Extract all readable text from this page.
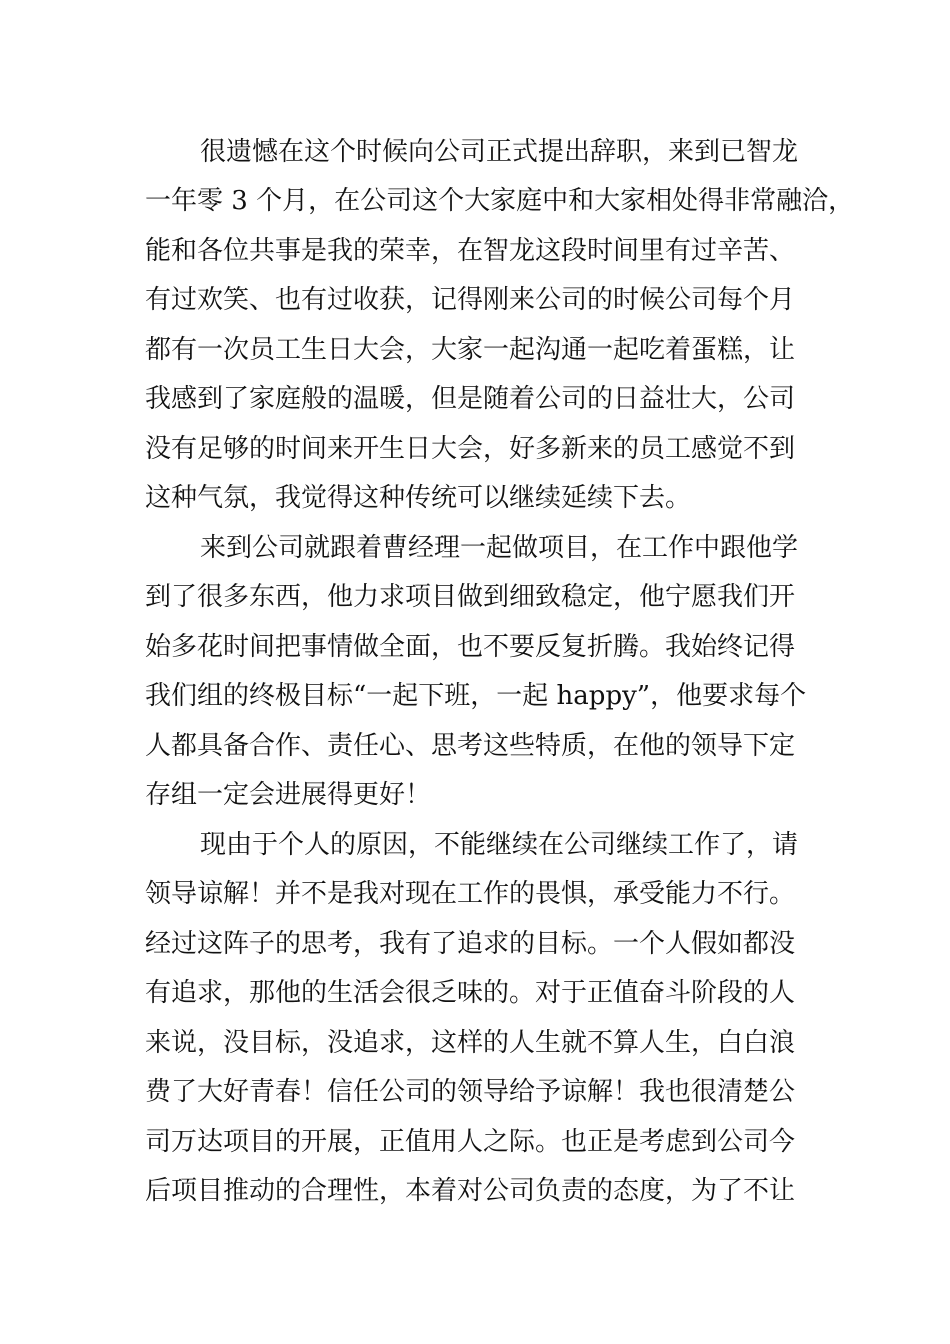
很遗憾在这个时候向公司正式提出辞职，来到已智龙
一年零 3 个月，在公司这个大家庭中和大家相处得非常融洽，
能和各位共事是我的荣幸，在智龙这段时间里有过辛苦、
有过欢笑、也有过收获，记得刚来公司的时候公司每个月
都有一次员工生日大会，大家一起沟通一起吃着蛋糕，让
我感到了家庭般的温暖，但是随着公司的日益壮大，公司
没有足够的时间来开生日大会，好多新来的员工感觉不到
这种气氛，我觉得这种传统可以继续延续下去。
来到公司就跟着曹经理一起做项目，在工作中跟他学
到了很多东西，他力求项目做到细致稳定，他宁愿我们开
始多花时间把事情做全面，也不要反复折腾。我始终记得
我们组的终极目标“一起下班，一起 happy”，他要求每个
人都具备合作、责任心、思考这些特质，在他的领导下定
存组一定会进展得更好！
现由于个人的原因，不能继续在公司继续工作了，请
领导谅解！并不是我对现在工作的畏惧，承受能力不行。
经过这阵子的思考，我有了追求的目标。一个人假如都没
有追求，那他的生活会很乏味的。对于正值奋斗阶段的人
来说，没目标，没追求，这样的人生就不算人生，白白浪
费了大好青春！信任公司的领导给予谅解！我也很清楚公
司万达项目的开展，正值用人之际。也正是考虑到公司今
后项目推动的合理性，本着对公司负责的态度，为了不让
